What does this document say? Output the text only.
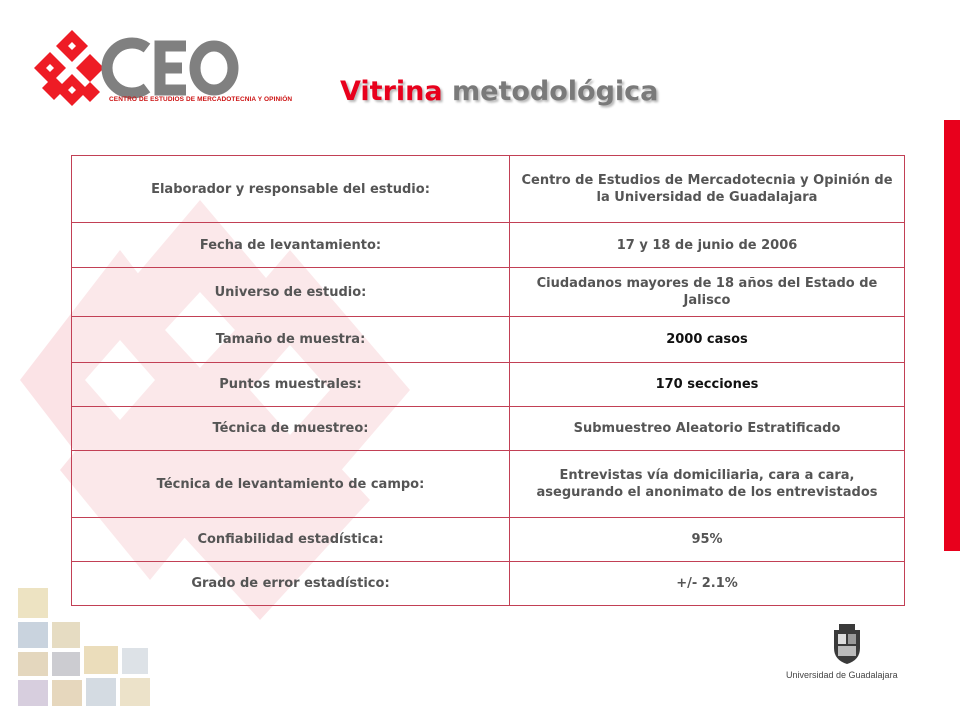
CENTRO DE ESTUDIOS DE MERCADOTECNIA Y OPINIÓN Vitrina metodológica
Elaborador y responsable del estudio:	Centro de Estudios de Mercadotecnia y Opinión de la Universidad de Guadalajara
Fecha de levantamiento:	17 y 18 de junio de 2006
Universo de estudio:	Ciudadanos mayores de 18 años del Estado de Jalisco
Tamaño de muestra:	2000 casos
Puntos muestrales:	170 secciones
Técnica de muestreo:	Submuestreo Aleatorio Estratificado
Técnica de levantamiento de campo:	Entrevistas vía domiciliaria, cara a cara, asegurando el anonimato de los entrevistados
Confiabilidad estadística:	95%
Grado de error estadístico:	+/- 2.1%
Universidad de Guadalajara
